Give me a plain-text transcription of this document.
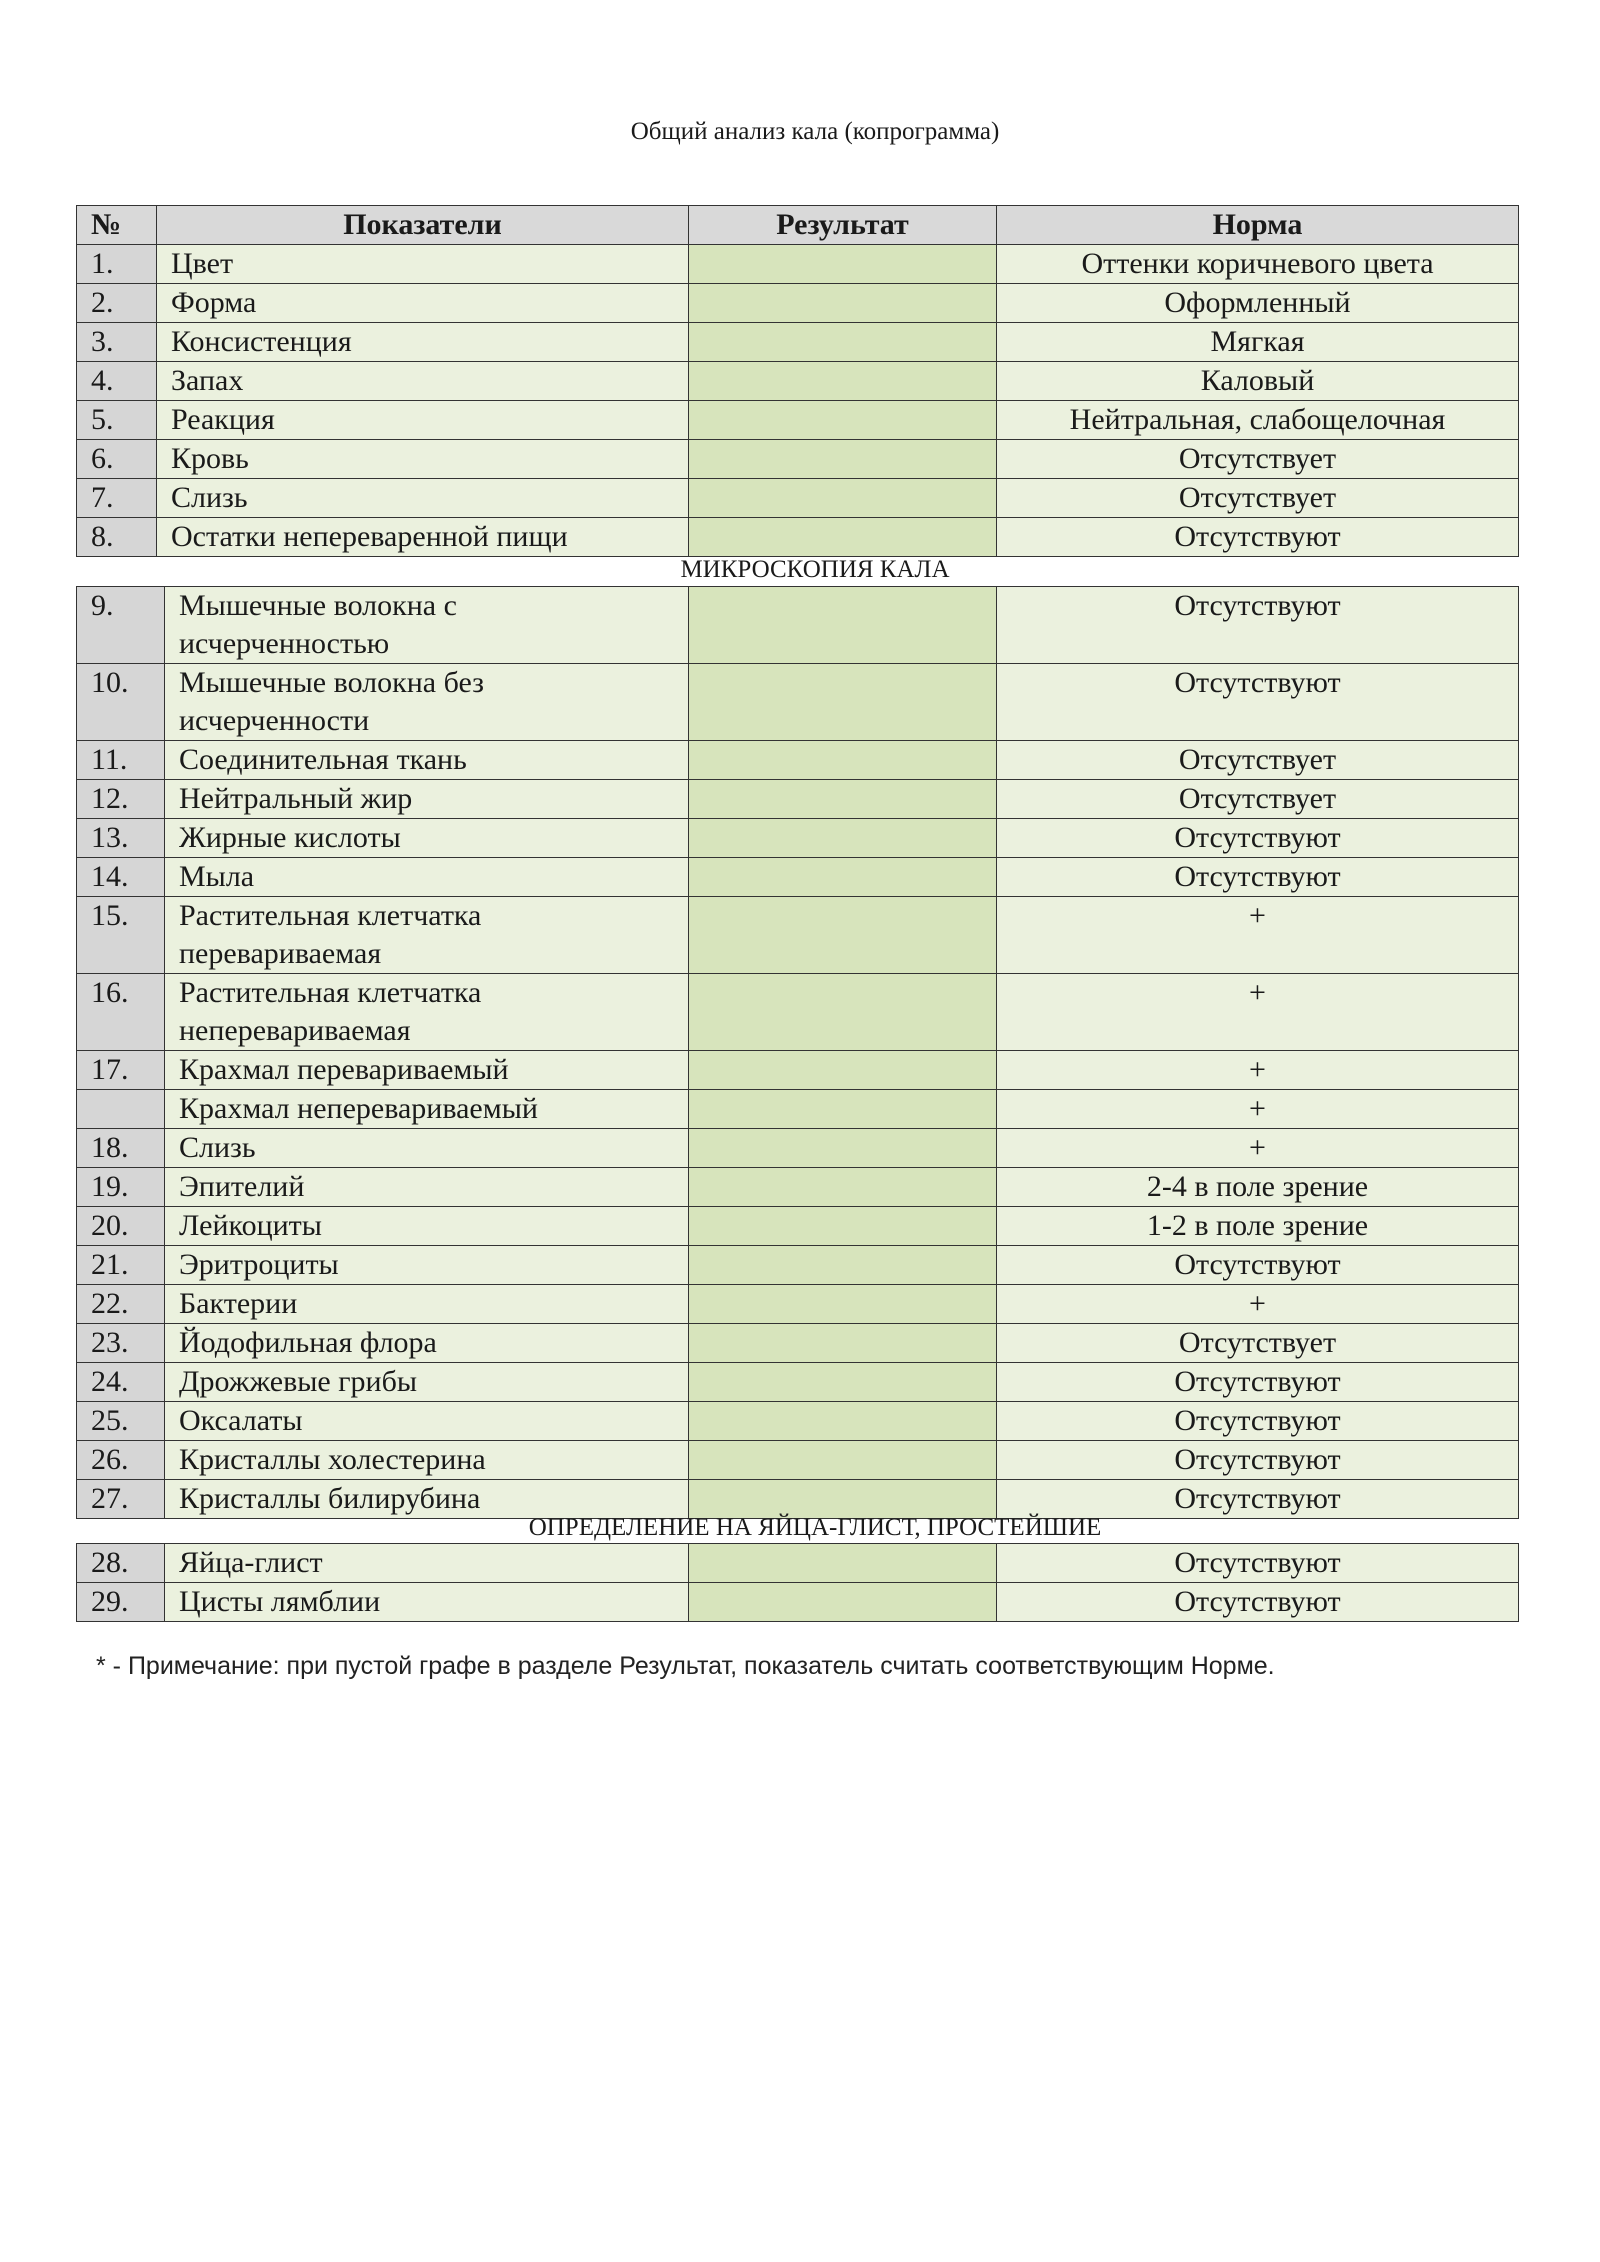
Общий анализ кала (копрограмма)
№	Показатели	Результат	Норма
1.	Цвет		Оттенки коричневого цвета
2.	Форма		Оформленный
3.	Консистенция		Мягкая
4.	Запах		Каловый
5.	Реакция		Нейтральная, слабощелочная
6.	Кровь		Отсутствует
7.	Слизь		Отсутствует
8.	Остатки непереваренной пищи		Отсутствуют
МИКРОСКОПИЯ КАЛА
9.	Мышечные волокна с исчерченностью		Отсутствуют
10.	Мышечные волокна без исчерченности		Отсутствуют
11.	Соединительная ткань		Отсутствует
12.	Нейтральный жир		Отсутствует
13.	Жирные кислоты		Отсутствуют
14.	Мыла		Отсутствуют
15.	Растительная клетчатка перевариваемая		+
16.	Растительная клетчатка неперевариваемая		+
17.	Крахмал перевариваемый		+
	Крахмал неперевариваемый		+
18.	Слизь		+
19.	Эпителий		2-4 в поле зрение
20.	Лейкоциты		1-2 в поле зрение
21.	Эритроциты		Отсутствуют
22.	Бактерии		+
23.	Йодофильная флора		Отсутствует
24.	Дрожжевые грибы		Отсутствуют
25.	Оксалаты		Отсутствуют
26.	Кристаллы холестерина		Отсутствуют
27.	Кристаллы билирубина		Отсутствуют
ОПРЕДЕЛЕНИЕ НА ЯЙЦА-ГЛИСТ, ПРОСТЕЙШИЕ
28.	Яйца-глист		Отсутствуют
29.	Цисты лямблии		Отсутствуют
* - Примечание: при пустой графе в разделе Результат, показатель считать соответствующим Норме.
